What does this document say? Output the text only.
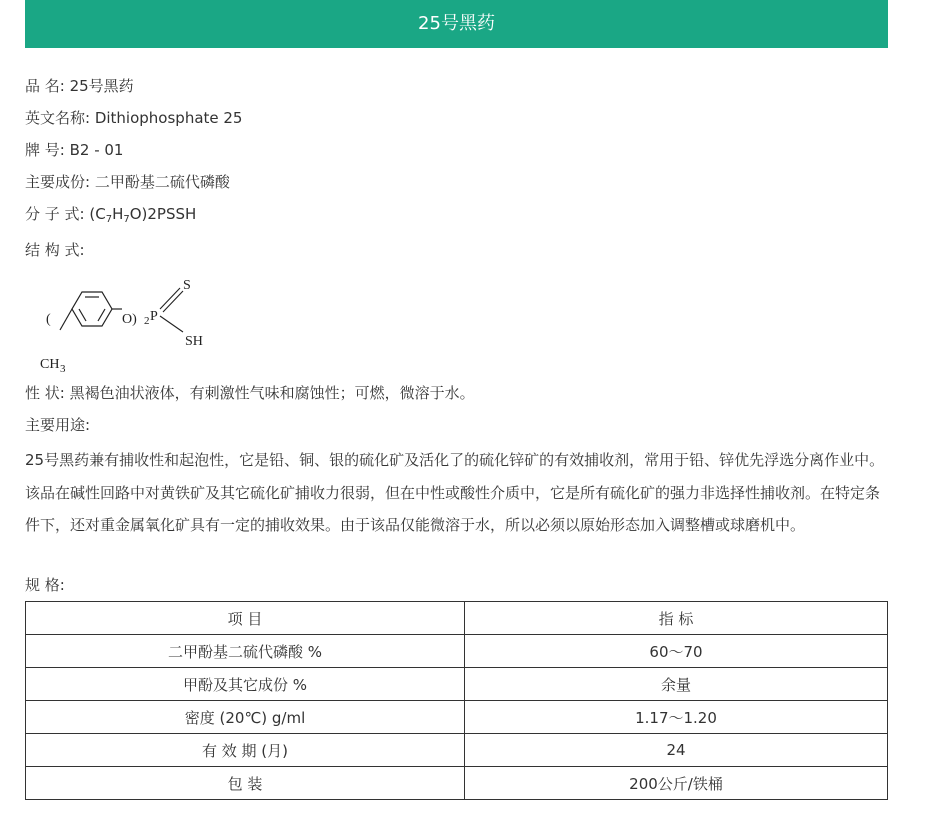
25号黑药
品 名: 25号黑药
英文名称: Dithiophosphate 25
牌 号: B2 - 01
主要成份: 二甲酚基二硫代磷酸
分 子 式: $(C_7H_7O)2PSSH$
结 构 式:
(	O) 2 P
S
SH
CH 3
性 状: 黑褐色油状液体，有刺激性气味和腐蚀性；可燃，微溶于水。
主要用途:
25号黑药兼有捕收性和起泡性，它是铅、铜、银的硫化矿及活化了的硫化锌矿的有效捕收剂，常用于铅、锌优先浮选分离作业中。该品在碱性回路中对黄铁矿及其它硫化矿捕收力很弱，但在中性或酸性介质中，它是所有硫化矿的强力非选择性捕收剂。在特定条件下，还对重金属氧化矿具有一定的捕收效果。由于该品仅能微溶于水，所以必须以原始形态加入调整槽或球磨机中。
规 格:
项 目	指 标
二甲酚基二硫代磷酸 %	60～70
甲酚及其它成份 %	余量
密度 (20℃) g/ml	1.17～1.20
有 效 期 (月)	24
包 装	200公斤/铁桶
